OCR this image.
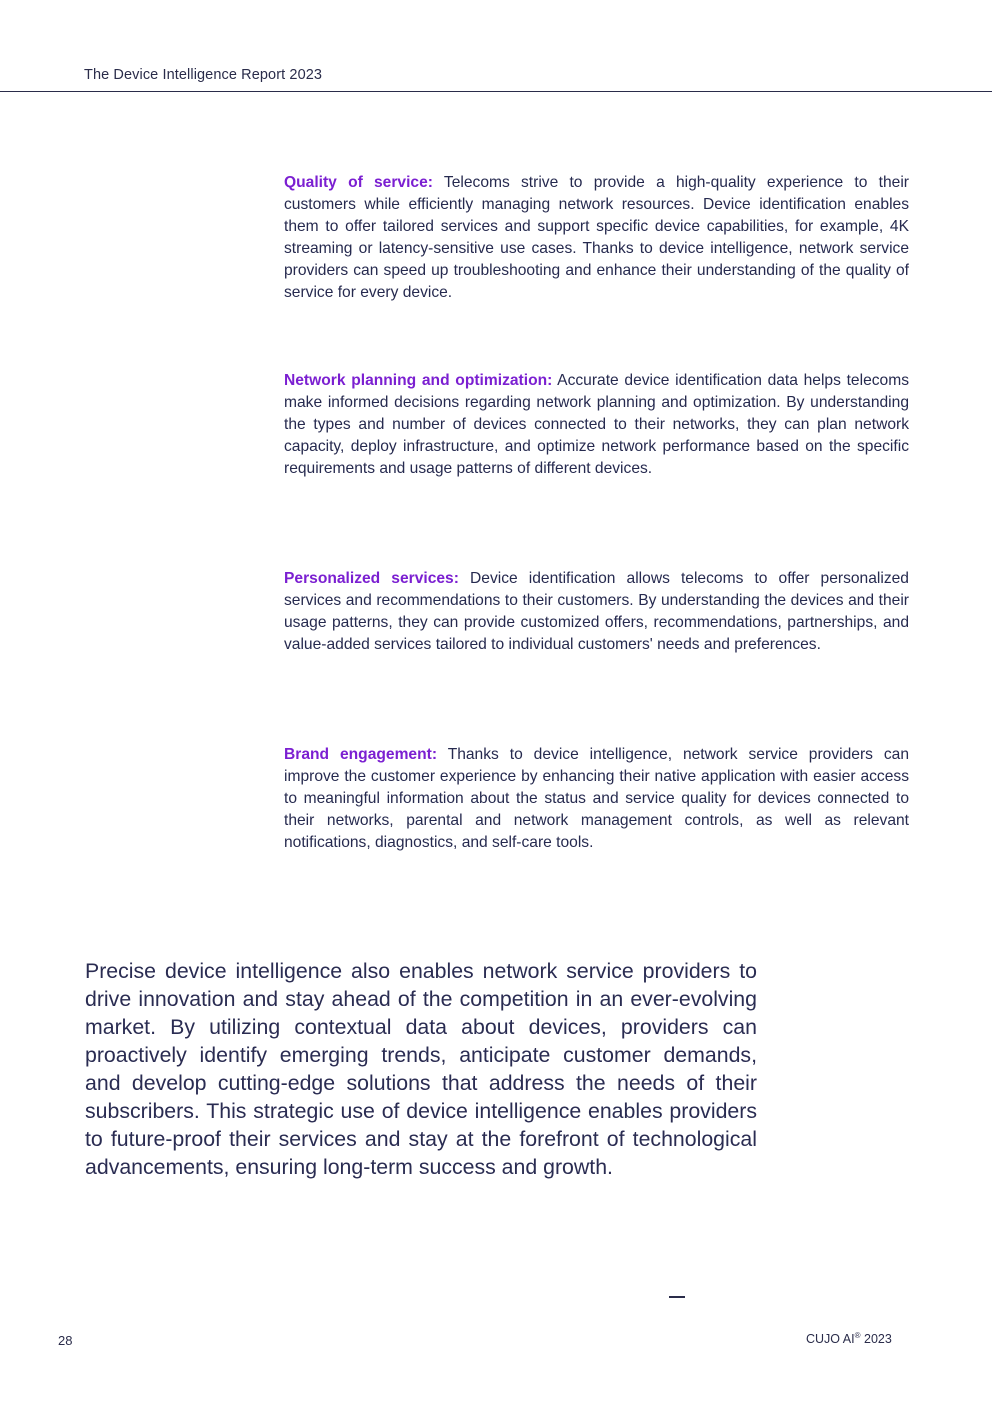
The Device Intelligence Report 2023

Quality of service: Telecoms strive to provide a high-quality experience to their customers while efficiently managing network resources. Device identification enables them to offer tailored services and support specific device capabilities, for example, 4K streaming or latency-sensitive use cases. Thanks to device intelligence, network service providers can speed up troubleshooting and enhance their understanding of the quality of service for every device.

Network planning and optimization: Accurate device identification data helps telecoms make informed decisions regarding network planning and optimization. By understanding the types and number of devices connected to their networks, they can plan network capacity, deploy infrastructure, and optimize network performance based on the specific requirements and usage patterns of different devices.

Personalized services: Device identification allows telecoms to offer personalized services and recommendations to their customers. By understanding the devices and their usage patterns, they can provide customized offers, recommendations, partnerships, and value-added services tailored to individual customers' needs and preferences.

Brand engagement: Thanks to device intelligence, network service providers can improve the customer experience by enhancing their native application with easier access to meaningful information about the status and service quality for devices connected to their networks, parental and network management controls, as well as relevant notifications, diagnostics, and self-care tools.

Precise device intelligence also enables network service providers to drive innovation and stay ahead of the competition in an ever-evolving market. By utilizing contextual data about devices, providers can proactively identify emerging trends, anticipate customer demands, and develop cutting-edge solutions that address the needs of their subscribers. This strategic use of device intelligence enables providers to future-proof their services and stay at the forefront of technological advancements, ensuring long-term success and growth.

28	CUJO AI® 2023
